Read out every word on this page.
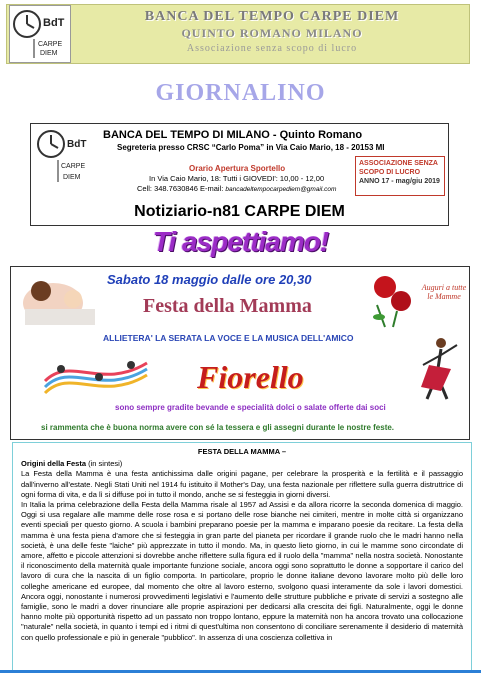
BdT
CARPE
DIEM
BANCA DEL TEMPO CARPE DIEM
QUINTO ROMANO MILANO
Associazione senza scopo di lucro
GIORNALINO
BdT
CARPE
DIEM
BANCA DEL TEMPO DI MILANO - Quinto Romano
Segreteria presso CRSC “Carlo Poma” in Via Caio Mario, 18 - 20153 MI
Orario Apertura Sportello
In Via Caio Mario, 18: Tutti i GIOVEDI': 10,00 - 12,00
Cell: 348.7630846 E-mail: bancadeltempocarpediem@gmail.com
ASSOCIAZIONE SENZA
SCOPO DI LUCRO
ANNO 17 - mag/giu 2019
Notiziario-n81 CARPE DIEM
Ti aspettiamo!
Auguri a tutte le Mamme
Sabato 18 maggio dalle ore 20,30
Festa della Mamma
ALLIETERA' LA SERATA LA VOCE E LA MUSICA DELL'AMICO
Fiorello
sono sempre gradite bevande e specialità dolci o salate offerte dai soci
si rammenta che è buona norma avere con sé la tessera e gli assegni durante le nostre feste.
FESTA DELLA MAMMA –
Origini della Festa (in sintesi)

La Festa della Mamma è una festa antichissima dalle origini pagane, per celebrare la prosperità e la fertilità e il passaggio dall'inverno all'estate. Negli Stati Uniti nel 1914 fu istituito il Mother's Day, una festa nazionale per riflettere sulla guerra distruttrice di ogni forma di vita, e da lì si diffuse poi in tutto il mondo, anche se si festeggia in giorni diversi.

In Italia la prima celebrazione della Festa della Mamma risale al 1957 ad Assisi e da allora ricorre la seconda domenica di maggio. Oggi si usa regalare alle mamme delle rose rosa e si portano delle rose bianche nei cimiteri, mentre in molte città si organizzano eventi speciali per questo giorno. A scuola i bambini preparano poesie per la mamma e imparano poesie da recitare. La festa della mamma è una festa piena d'amore che si festeggia in gran parte del pianeta per ricordare il grande ruolo che le madri hanno nella società, è una delle feste "laiche" più apprezzate in tutto il mondo. Ma, in questo lieto giorno, in cui le mamme sono circondate di amore, affetto e piccole attenzioni si dovrebbe anche riflettere sulla figura ed il ruolo della "mamma" nella nostra società. Nonostante il riconoscimento della maternità quale importante funzione sociale, ancora oggi sono soprattutto le donne a sopportare il carico del lavoro di cura che la nascita di un figlio comporta. In particolare, proprio le donne italiane devono lavorare molto più delle loro colleghe americane ed europee, dal momento che oltre al lavoro esterno, svolgono quasi interamente da sole i lavori domestici. Ancora oggi, nonostante i numerosi provvedimenti legislativi e l'aumento delle strutture pubbliche e private di servizi a sostegno alle famiglie, sono le madri a dover rinunciare alle proprie aspirazioni per dedicarsi alla crescita dei figli. Naturalmente, oggi le donne hanno molte più opportunità rispetto ad un passato non troppo lontano, eppure la maternità non ha ancora trovato una collocazione "naturale" nella società, in quanto i tempi ed i ritmi di quest'ultima non consentono di conciliare serenamente il desiderio di maternità con quello professionale e più in generale "pubblico". In assenza di una coscienza collettiva in
